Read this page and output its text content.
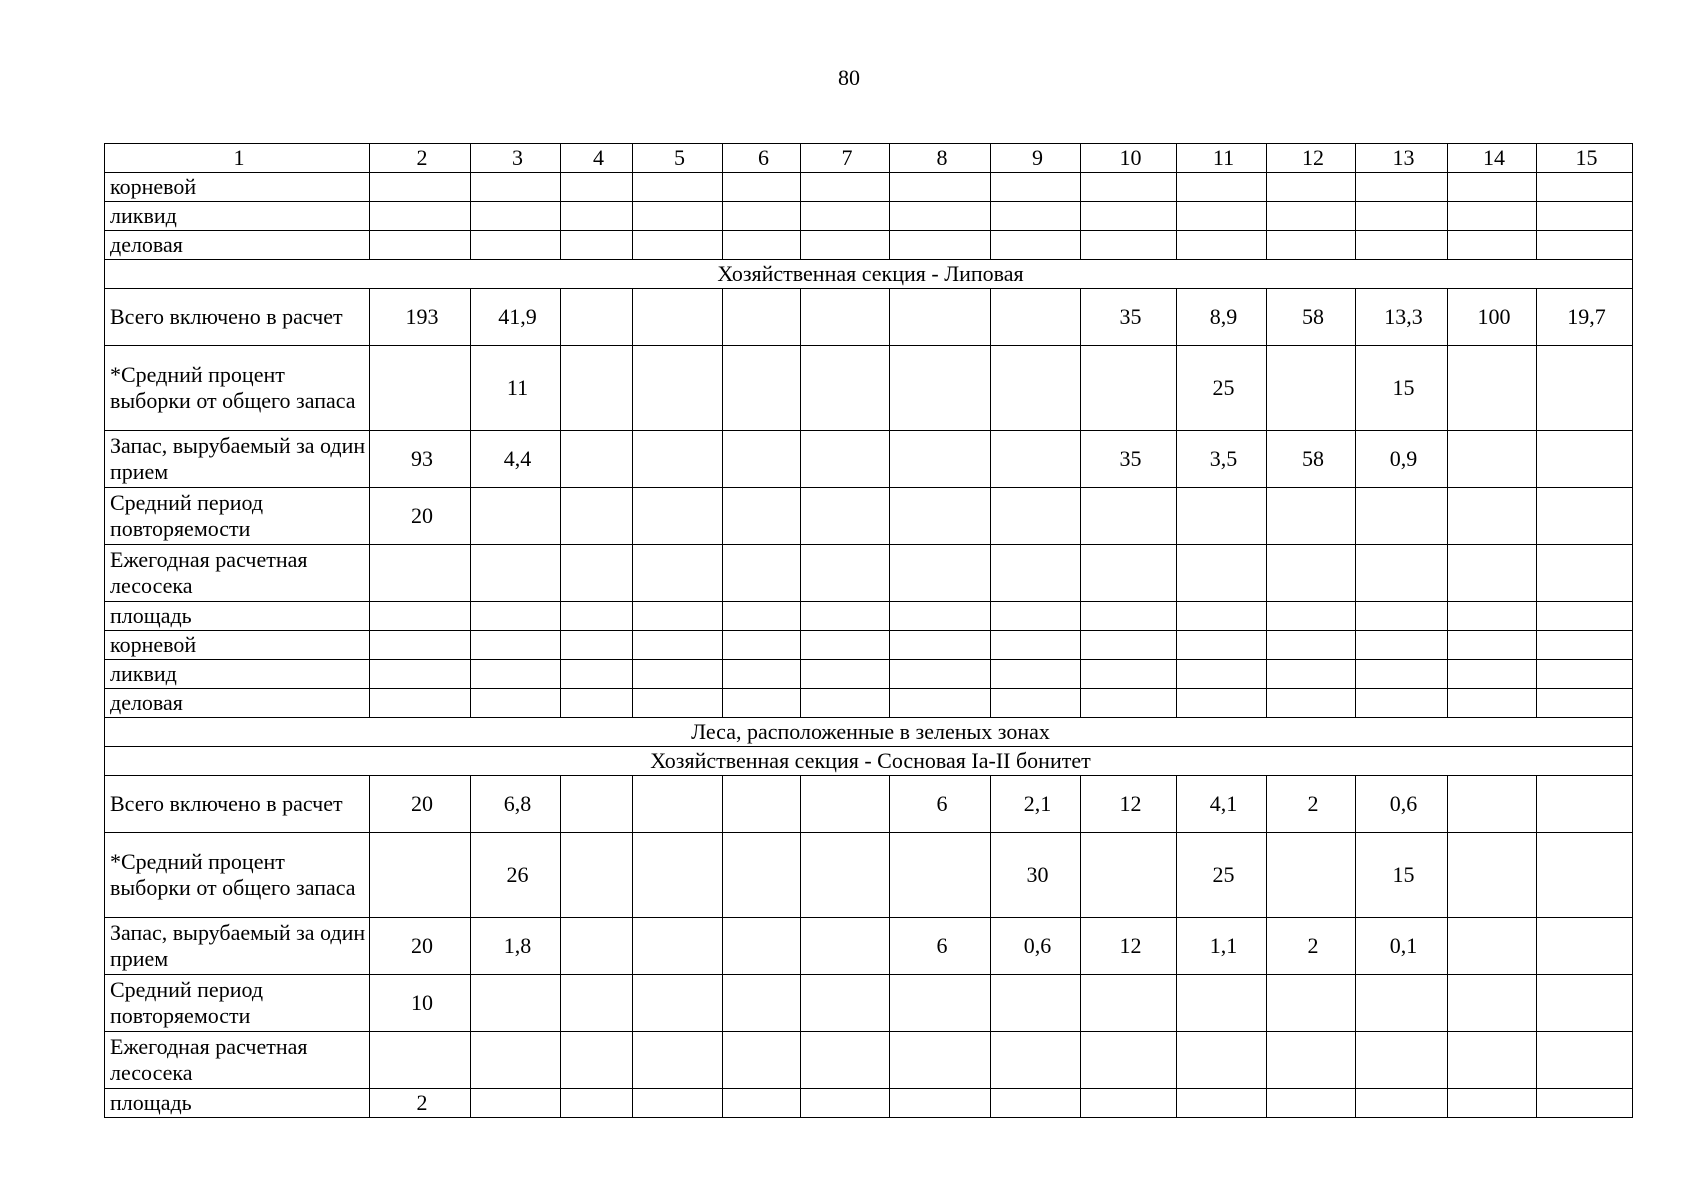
80
1	2	3	4	5	6	7	8	9	10	11	12	13	14	15
корневой														
ликвид														
деловая														
Хозяйственная секция - Липовая														
Всего включено в расчет	193	41,9							35	8,9	58	13,3	100	19,7
*Средний процент выборки от общего запаса		11								25		15		
Запас, вырубаемый за один прием	93	4,4							35	3,5	58	0,9		
Средний период повторяемости	20													
Ежегодная расчетная лесосека														
площадь														
корневой														
ликвид														
деловая														
Леса, расположенные в зеленых зонах														
Хозяйственная секция - Сосновая Ia-II бонитет														
Всего включено в расчет	20	6,8					6	2,1	12	4,1	2	0,6		
*Средний процент выборки от общего запаса		26						30		25		15		
Запас, вырубаемый за один прием	20	1,8					6	0,6	12	1,1	2	0,1		
Средний период повторяемости	10													
Ежегодная расчетная лесосека														
площадь	2													
